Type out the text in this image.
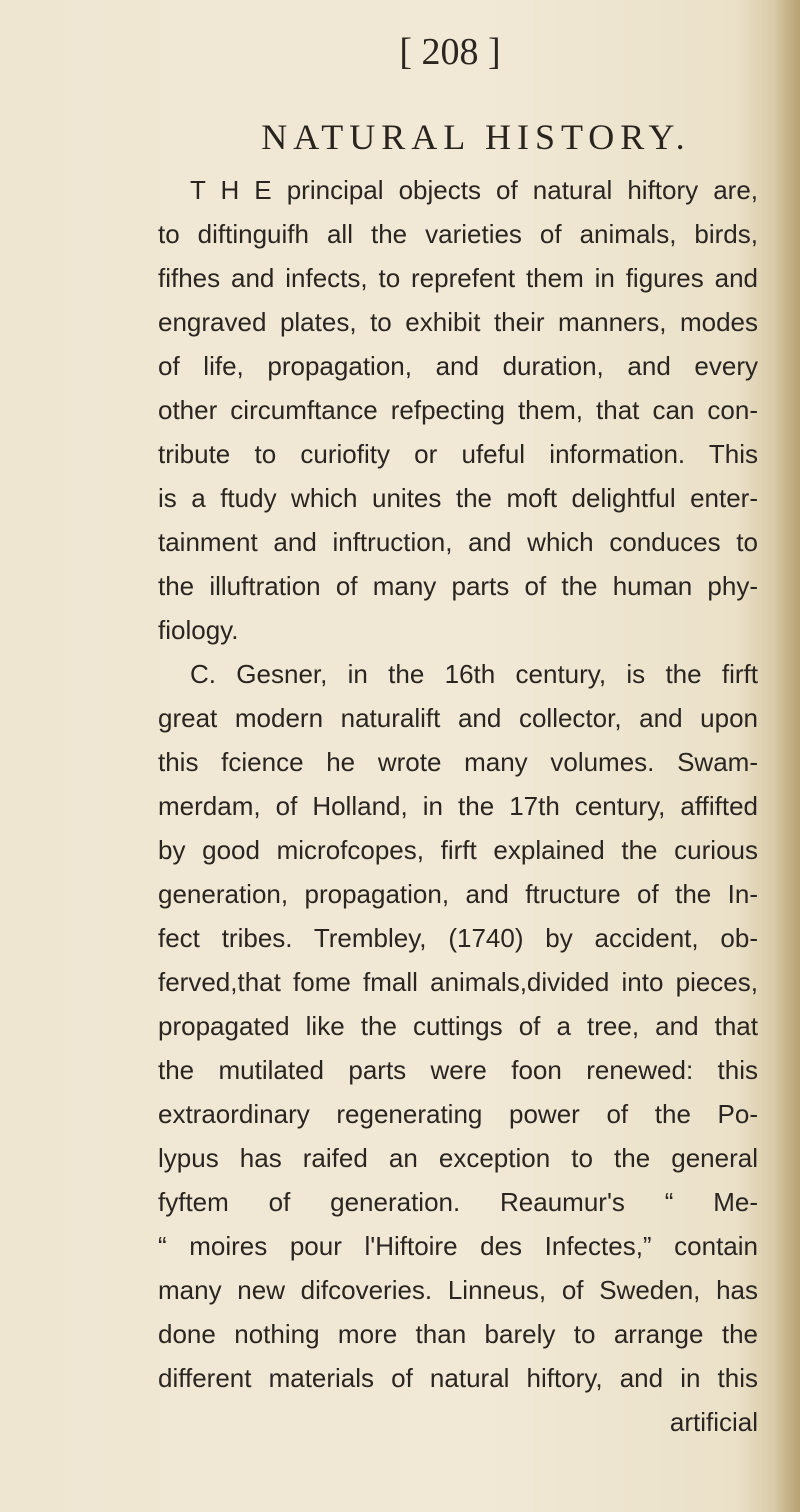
[ 208 ]
NATURAL HISTORY.
T H E principal objects of natural hiftory are,
to diftinguifh all the varieties of animals, birds,
fifhes and infects, to reprefent them in figures and
engraved plates, to exhibit their manners, modes
of life, propagation, and duration, and every
other circumftance refpecting them, that can con-
tribute to curiofity or ufeful information. This
is a ftudy which unites the moft delightful enter-
tainment and inftruction, and which conduces to
the illuftration of many parts of the human phy-
fiology.
C. Gesner, in the 16th century, is the firft
great modern naturalift and collector, and upon
this fcience he wrote many volumes. Swam-
merdam, of Holland, in the 17th century, affifted
by good microfcopes, firft explained the curious
generation, propagation, and ftructure of the In-
fect tribes. Trembley, (1740) by accident, ob-
ferved,that fome fmall animals,divided into pieces,
propagated like the cuttings of a tree, and that
the mutilated parts were foon renewed: this
extraordinary regenerating power of the Po-
lypus has raifed an exception to the general
fyftem of generation. Reaumur's “ Me-
“ moires pour l'Hiftoire des Infectes,” contain
many new difcoveries. Linneus, of Sweden, has
done nothing more than barely to arrange the
different materials of natural hiftory, and in this
artificial
